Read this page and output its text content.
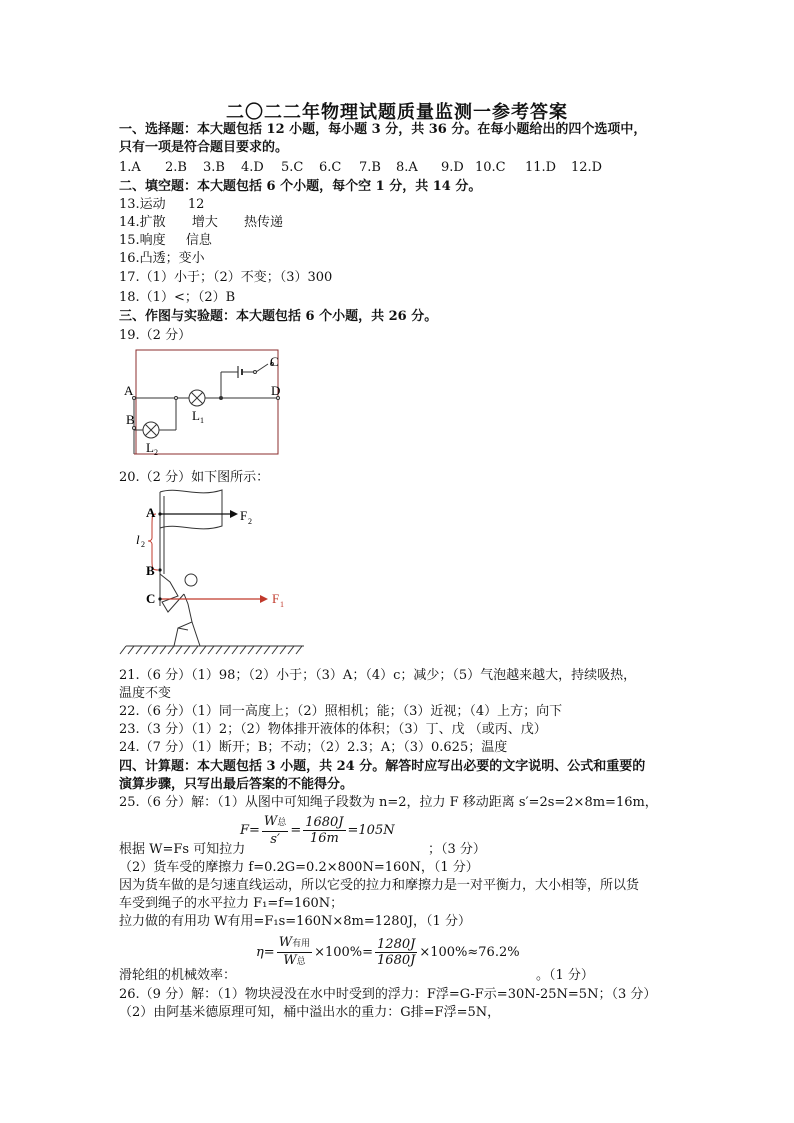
二〇二二年物理试题质量监测一参考答案
一、选择题：本大题包括 12 小题，每小题 3 分，共 36 分。在每小题给出的四个选项中，
只有一项是符合题目要求的。
1.A 2.B 3.B 4.D 5.C 6.C 7.B 8.A 9.D 10.C 11.D 12.D
二、填空题：本大题包括 6 个小题，每个空 1 分，共 14 分。
13.运动 12
14.扩散 增大 热传递
15.响度 信息
16.凸透；变小
17.（1）小于；（2）不变；（3）300
18.（1）<；（2）B
三、作图与实验题：本大题包括 6 个小题，共 26 分。
19.（2 分）
A
B
C
D
L 1
L 2
20.（2 分）如下图所示：
A
B
C
F 2
F 1
l 2
21.（6 分）（1）98；（2）小于；（3）A；（4）c；减少；（5）气泡越来越大，持续吸热，
温度不变
22.（6 分）（1）同一高度上；（2）照相机；能；（3）近视；（4）上方；向下
23.（3 分）（1）2；（2）物体排开液体的体积；（3）丁、戊 （或丙、戊）
24.（7 分）（1）断开；B；不动；（2）2.3；A；（3）0.625；温度
四、计算题：本大题包括 3 小题，共 24 分。解答时应写出必要的文字说明、公式和重要的
演算步骤，只写出最后答案的不能得分。
25.（6 分）解：（1）从图中可知绳子段数为 n=2，拉力 F 移动距离 s′=2s=2×8m=16m，
$F= \frac{\text{W总}}{s'} = \frac{1680J}{16m} =105N$
根据 W=Fs 可知拉力	；（3 分）
（2）货车受的摩擦力 f=0.2G=0.2×800N=160N，（1 分）
因为货车做的是匀速直线运动，所以它受的拉力和摩擦力是一对平衡力，大小相等，所以货
车受到绳子的水平拉力 F₁=f=160N；
拉力做的有用功 W有用=F₁s=160N×8m=1280J，（1 分）
$\eta= \frac{\text{W有用}}{\text{W总}} \times 100\%= \frac{1280J}{1680J} \times 100\%\approx 76.2\%$
滑轮组的机械效率：	。（1 分）
26.（9 分）解：（1）物块浸没在水中时受到的浮力：F浮=G-F示=30N-25N=5N；（3 分）
（2）由阿基米德原理可知，桶中溢出水的重力：G排=F浮=5N，
